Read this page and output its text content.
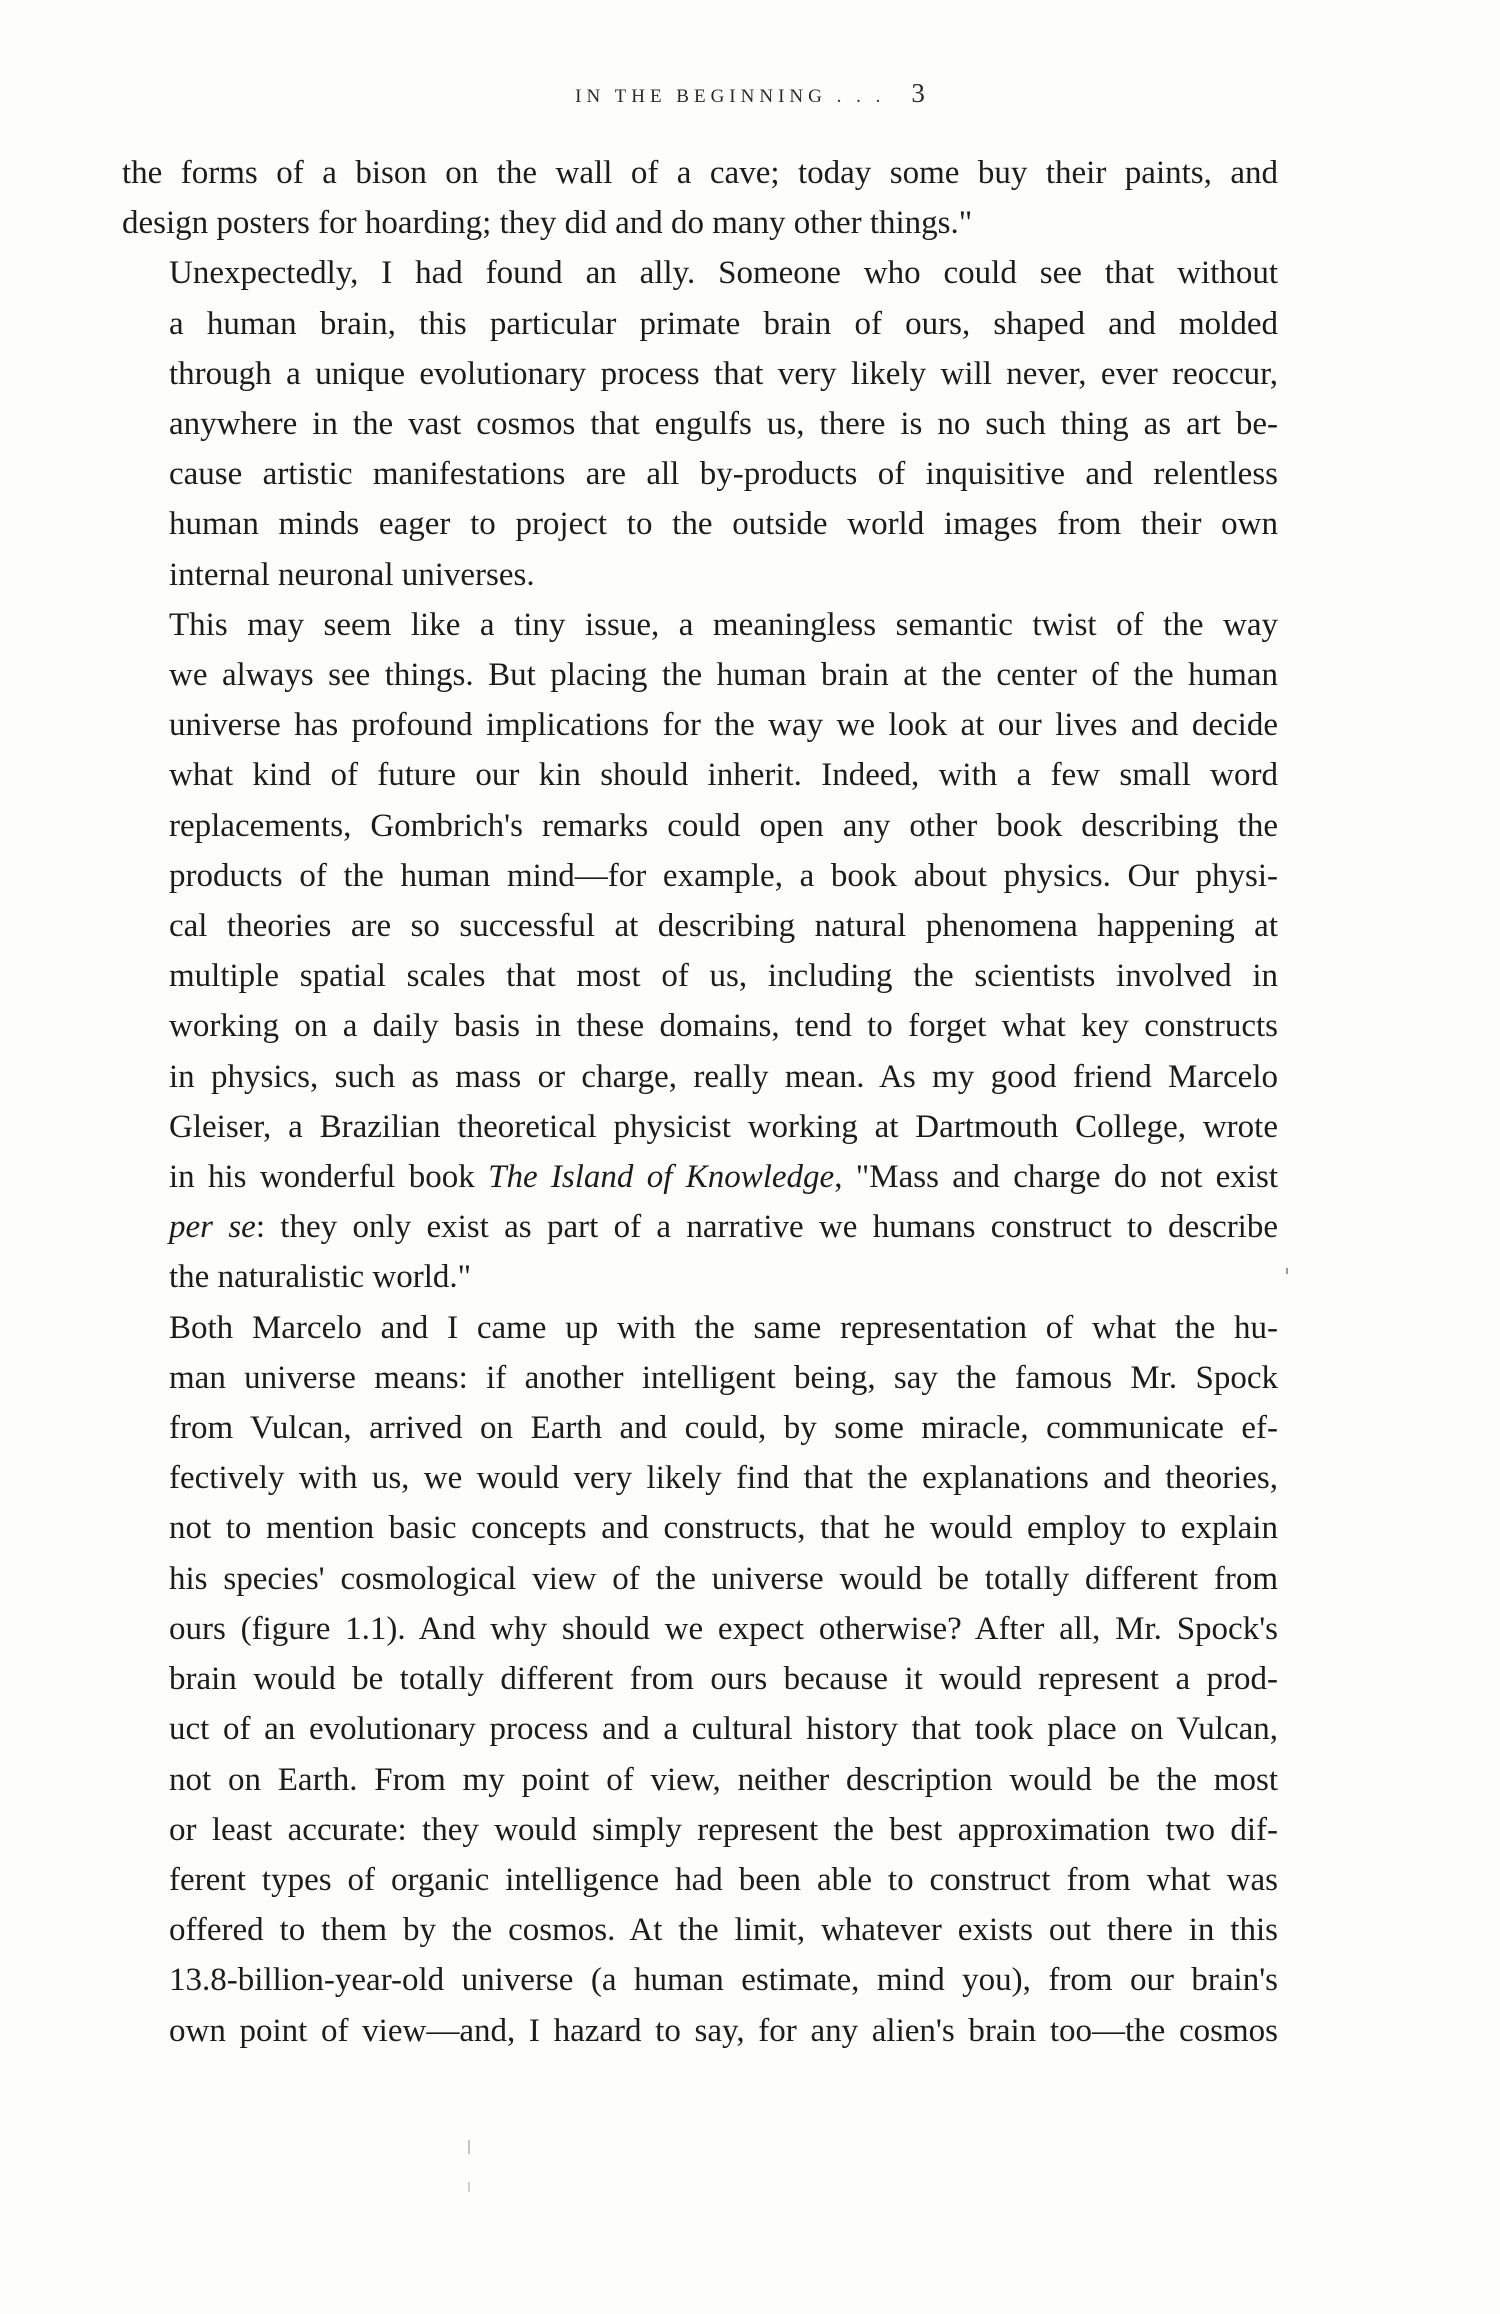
IN THE BEGINNING . . . 3

the forms of a bison on the wall of a cave; today some buy their paints, and
design posters for hoarding; they did and do many other things."

Unexpectedly, I had found an ally. Someone who could see that without
a human brain, this particular primate brain of ours, shaped and molded
through a unique evolutionary process that very likely will never, ever reoccur,
anywhere in the vast cosmos that engulfs us, there is no such thing as art be-
cause artistic manifestations are all by-products of inquisitive and relentless
human minds eager to project to the outside world images from their own
internal neuronal universes.

This may seem like a tiny issue, a meaningless semantic twist of the way
we always see things. But placing the human brain at the center of the human
universe has profound implications for the way we look at our lives and decide
what kind of future our kin should inherit. Indeed, with a few small word
replacements, Gombrich's remarks could open any other book describing the
products of the human mind—for example, a book about physics. Our physi-
cal theories are so successful at describing natural phenomena happening at
multiple spatial scales that most of us, including the scientists involved in
working on a daily basis in these domains, tend to forget what key constructs
in physics, such as mass or charge, really mean. As my good friend Marcelo
Gleiser, a Brazilian theoretical physicist working at Dartmouth College, wrote
in his wonderful book The Island of Knowledge, "Mass and charge do not exist
per se: they only exist as part of a narrative we humans construct to describe
the naturalistic world."

Both Marcelo and I came up with the same representation of what the hu-
man universe means: if another intelligent being, say the famous Mr. Spock
from Vulcan, arrived on Earth and could, by some miracle, communicate ef-
fectively with us, we would very likely find that the explanations and theories,
not to mention basic concepts and constructs, that he would employ to explain
his species' cosmological view of the universe would be totally different from
ours (figure 1.1). And why should we expect otherwise? After all, Mr. Spock's
brain would be totally different from ours because it would represent a prod-
uct of an evolutionary process and a cultural history that took place on Vulcan,
not on Earth. From my point of view, neither description would be the most
or least accurate: they would simply represent the best approximation two dif-
ferent types of organic intelligence had been able to construct from what was
offered to them by the cosmos. At the limit, whatever exists out there in this
13.8-billion-year-old universe (a human estimate, mind you), from our brain's
own point of view—and, I hazard to say, for any alien's brain too—the cosmos
